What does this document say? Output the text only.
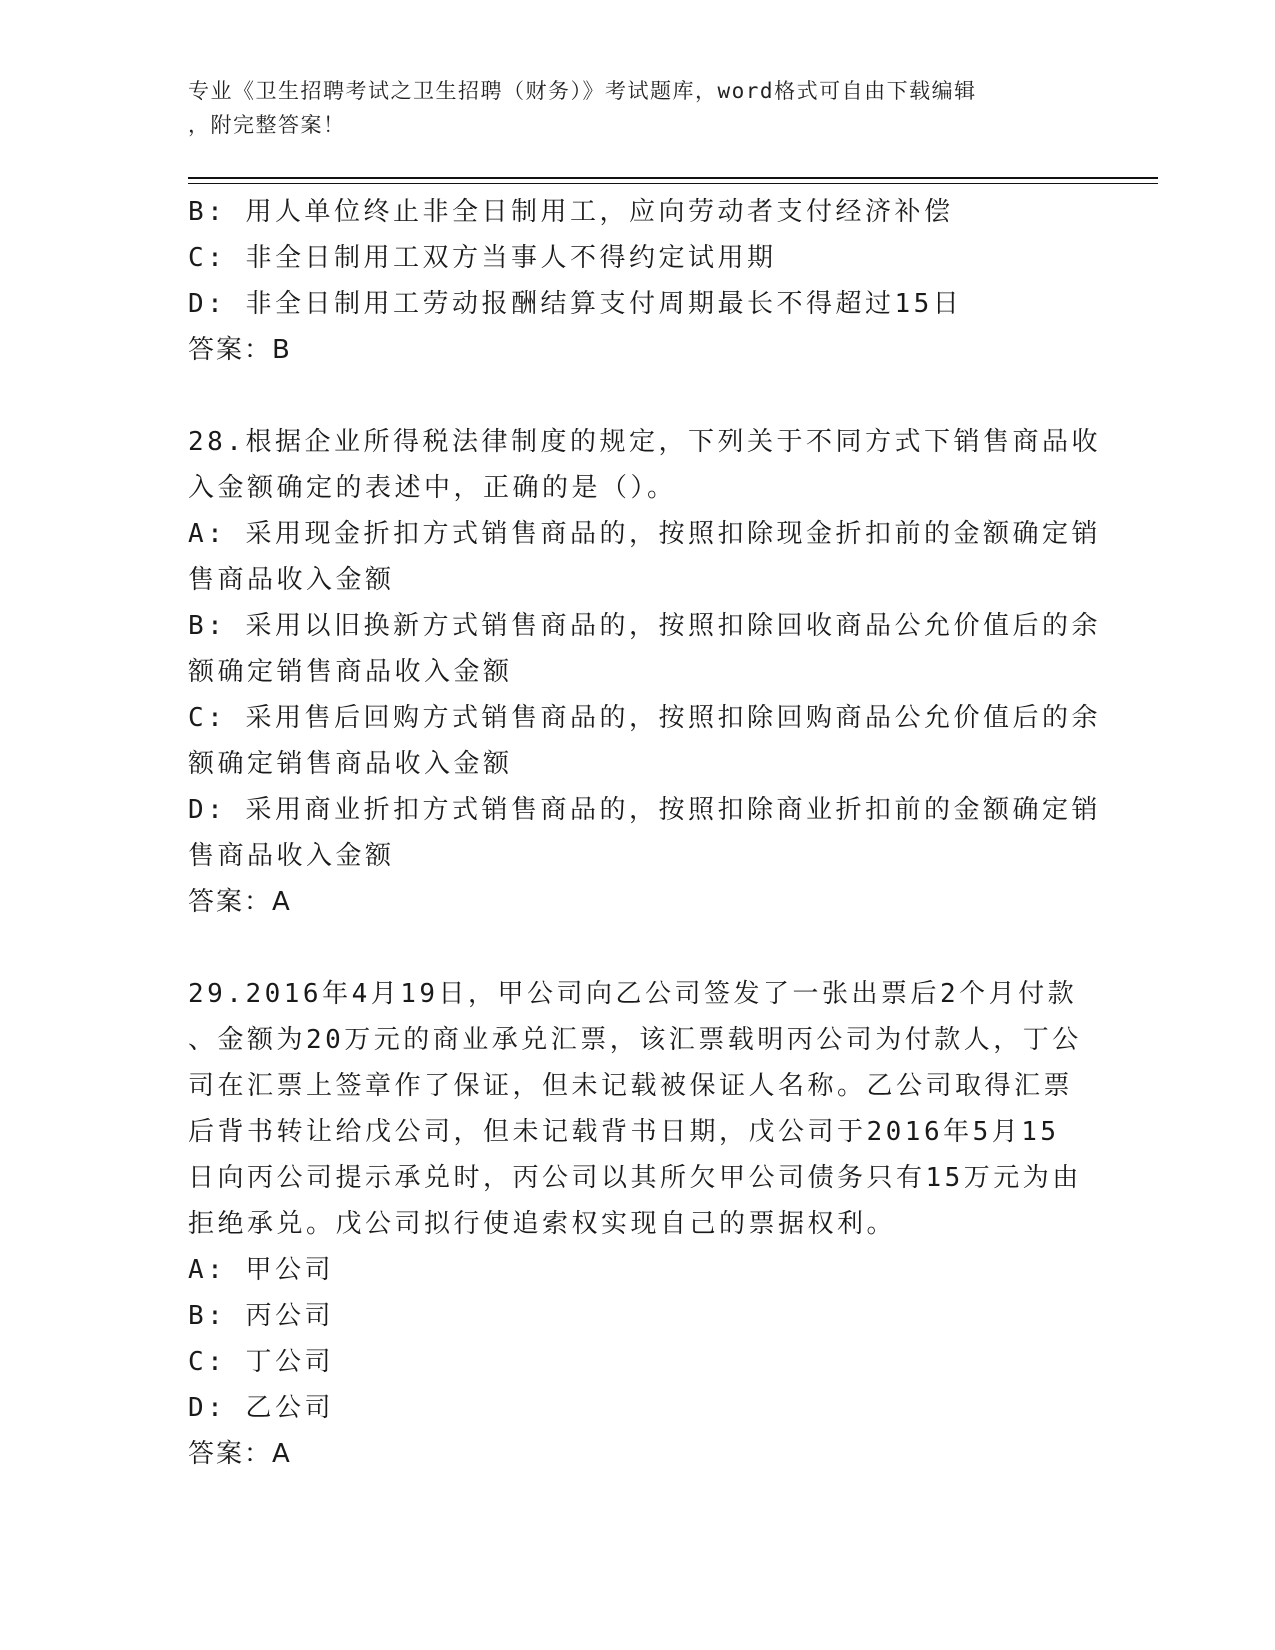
专业《卫生招聘考试之卫生招聘（财务）》考试题库，word格式可自由下载编辑
，附完整答案！
B: 用人单位终止非全日制用工，应向劳动者支付经济补偿
C: 非全日制用工双方当事人不得约定试用期
D: 非全日制用工劳动报酬结算支付周期最长不得超过15日
答案：B
28.根据企业所得税法律制度的规定，下列关于不同方式下销售商品收
入金额确定的表述中，正确的是（）。
A: 采用现金折扣方式销售商品的，按照扣除现金折扣前的金额确定销
售商品收入金额
B: 采用以旧换新方式销售商品的，按照扣除回收商品公允价值后的余
额确定销售商品收入金额
C: 采用售后回购方式销售商品的，按照扣除回购商品公允价值后的余
额确定销售商品收入金额
D: 采用商业折扣方式销售商品的，按照扣除商业折扣前的金额确定销
售商品收入金额
答案：A
29.2016年4月19日，甲公司向乙公司签发了一张出票后2个月付款
、金额为20万元的商业承兑汇票，该汇票载明丙公司为付款人，丁公
司在汇票上签章作了保证，但未记载被保证人名称。乙公司取得汇票
后背书转让给戊公司，但未记载背书日期，戊公司于2016年5月15
日向丙公司提示承兑时，丙公司以其所欠甲公司债务只有15万元为由
拒绝承兑。戊公司拟行使追索权实现自己的票据权利。
A: 甲公司
B: 丙公司
C: 丁公司
D: 乙公司
答案：A
